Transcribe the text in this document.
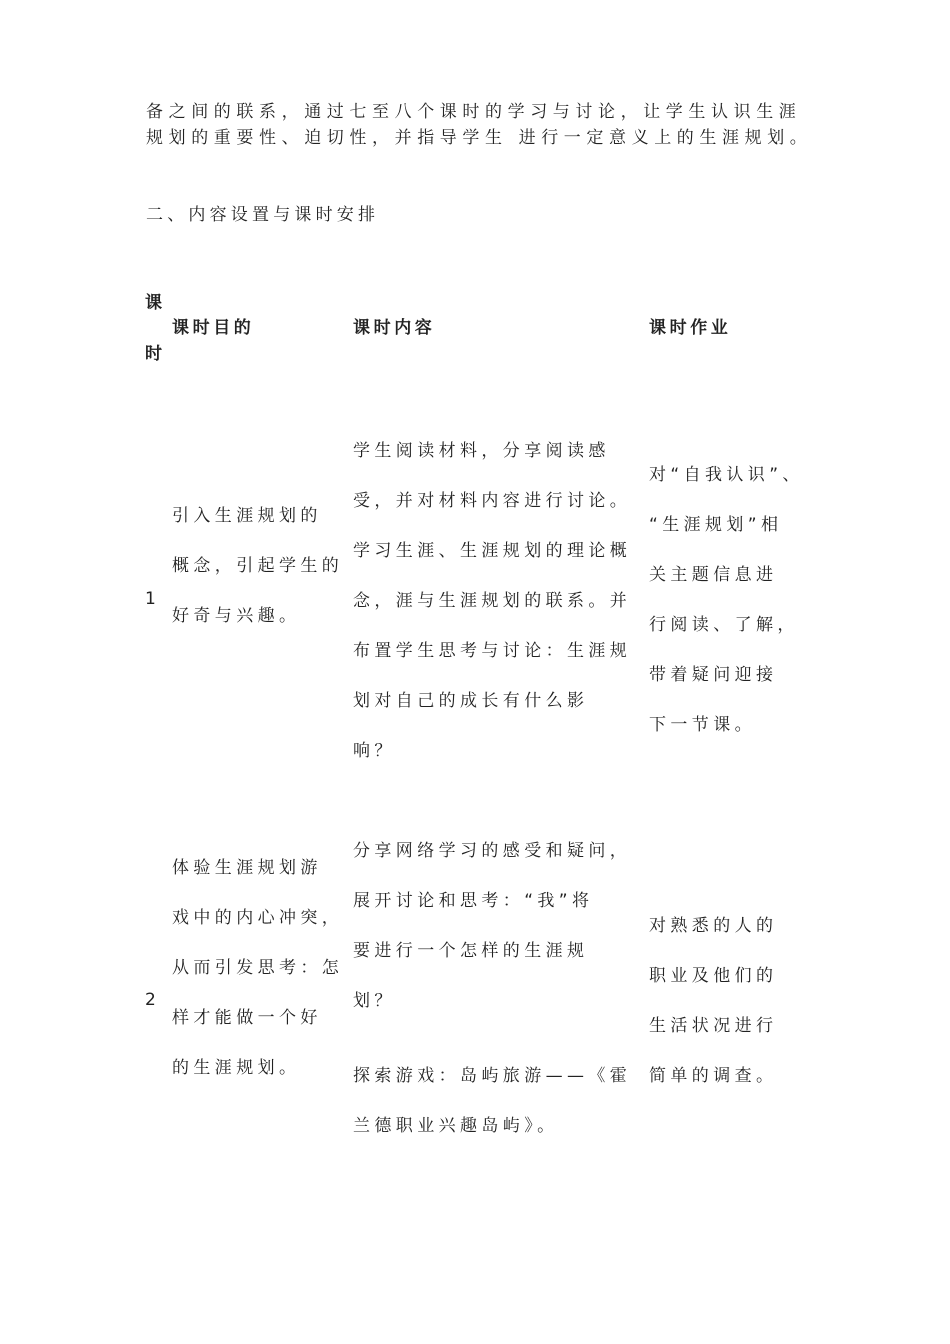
备之间的联系，通过七至八个课时的学习与讨论，让学生认识生涯
规划的重要性、迫切性，并指导学生 进行一定意义上的生涯规划。
二、内容设置与课时安排
课
时
课时目的	课时内容	课时作业
1
引入生涯规划的
概念，引起学生的
好奇与兴趣。
学生阅读材料，分享阅读感
受，并对材料内容进行讨论。
学习生涯、生涯规划的理论概
念，涯与生涯规划的联系。并
布置学生思考与讨论：生涯规
划对自己的成长有什么影
响？
对“自我认识”、
“生涯规划”相
关主题信息进
行阅读、了解，
带着疑问迎接
下一节课。
2
体验生涯规划游
戏中的内心冲突，
从而引发思考：怎
样才能做一个好
的生涯规划。
分享网络学习的感受和疑问，
展开讨论和思考：“我”将
要进行一个怎样的生涯规
划？
探索游戏：岛屿旅游——《霍
兰德职业兴趣岛屿》。
对熟悉的人的
职业及他们的
生活状况进行
简单的调查。
